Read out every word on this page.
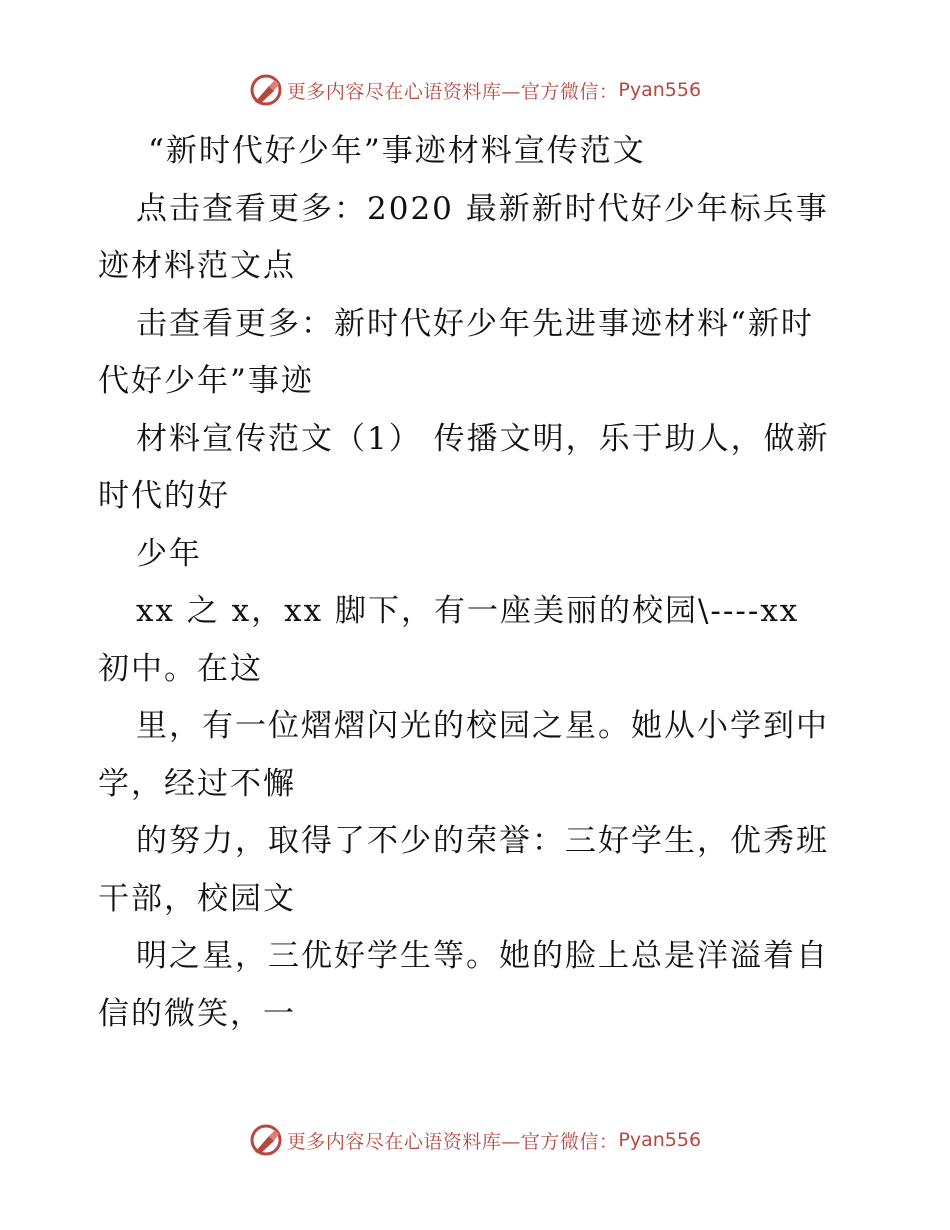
更多内容尽在心语资料库—官方微信： Pyan556
“新时代好少年”事迹材料宣传范文
点击查看更多：2020 最新新时代好少年标兵事
迹材料范文点
击查看更多：新时代好少年先进事迹材料“新时
代好少年”事迹
材料宣传范文（1） 传播文明，乐于助人，做新
时代的好
少年
xx 之 x，xx 脚下，有一座美丽的校园\----xx
初中。在这
里，有一位熠熠闪光的校园之星。她从小学到中
学，经过不懈
的努力，取得了不少的荣誉：三好学生，优秀班
干部，校园文
明之星，三优好学生等。她的脸上总是洋溢着自
信的微笑，一
更多内容尽在心语资料库—官方微信： Pyan556
